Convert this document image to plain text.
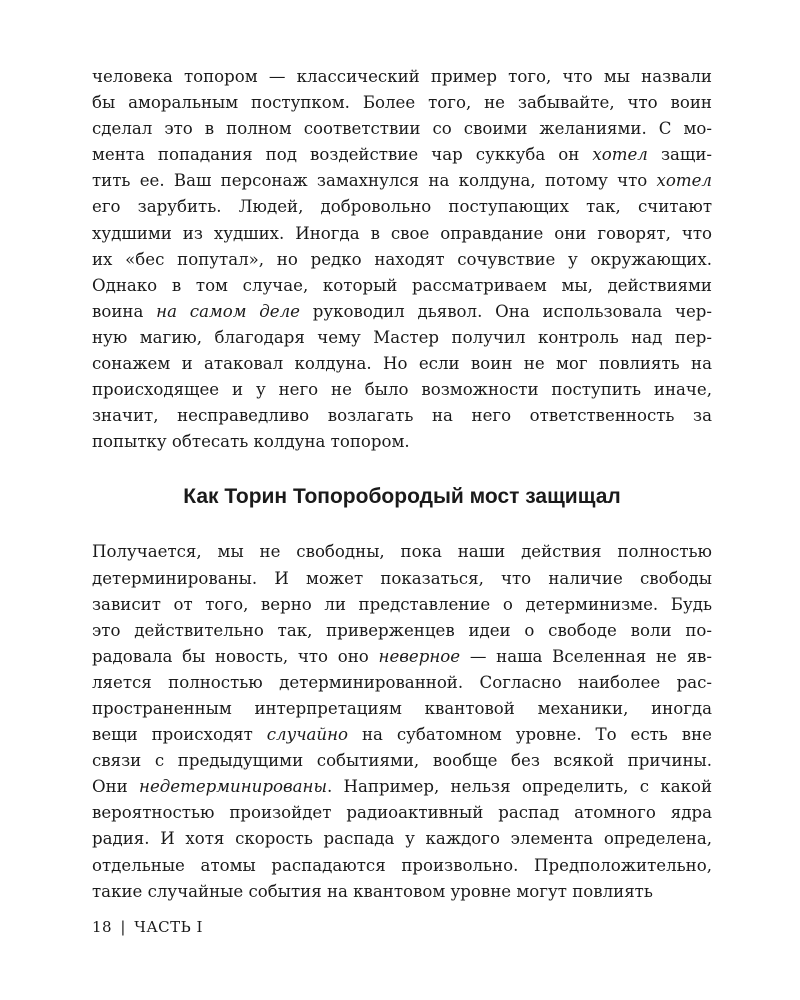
человека топором — классический пример того, что мы назвали
бы аморальным поступком. Более того, не забывайте, что воин
сделал это в полном соответствии со своими желаниями. С мо-
мента попадания под воздействие чар суккуба он хотел защи-
тить ее. Ваш персонаж замахнулся на колдуна, потому что хотел
его зарубить. Людей, добровольно поступающих так, считают
худшими из худших. Иногда в свое оправдание они говорят, что
их «бес попутал», но редко находят сочувствие у окружающих.
Однако в том случае, который рассматриваем мы, действиями
воина на самом деле руководил дьявол. Она использовала чер-
ную магию, благодаря чему Мастер получил контроль над пер-
сонажем и атаковал колдуна. Но если воин не мог повлиять на
происходящее и у него не было возможности поступить иначе,
значит, несправедливо возлагать на него ответственность за
попытку обтесать колдуна топором.

Как Торин Топоробородый мост защищал

Получается, мы не свободны, пока наши действия полностью
детерминированы. И может показаться, что наличие свободы
зависит от того, верно ли представление о детерминизме. Будь
это действительно так, приверженцев идеи о свободе воли по-
радовала бы новость, что оно неверное — наша Вселенная не яв-
ляется полностью детерминированной. Согласно наиболее рас-
пространенным интерпретациям квантовой механики, иногда
вещи происходят случайно на субатомном уровне. То есть вне
связи с предыдущими событиями, вообще без всякой причины.
Они недетерминированы. Например, нельзя определить, с какой
вероятностью произойдет радиоактивный распад атомного ядра
радия. И хотя скорость распада у каждого элемента определена,
отдельные атомы распадаются произвольно. Предположительно,
такие случайные события на квантовом уровне могут повлиять

18 | ЧАСТЬ I
